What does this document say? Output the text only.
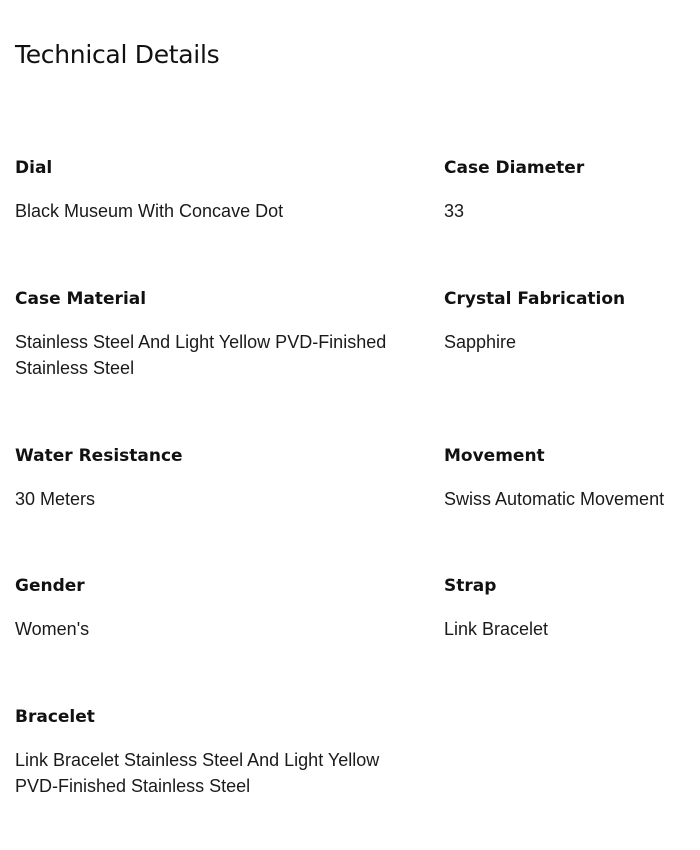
Technical Details
Dial
Black Museum With Concave Dot
Case Diameter
33
Case Material
Stainless Steel And Light Yellow PVD-Finished Stainless Steel
Crystal Fabrication
Sapphire
Water Resistance
30 Meters
Movement
Swiss Automatic Movement
Gender
Women's
Strap
Link Bracelet
Bracelet
Link Bracelet Stainless Steel And Light Yellow PVD-Finished Stainless Steel
